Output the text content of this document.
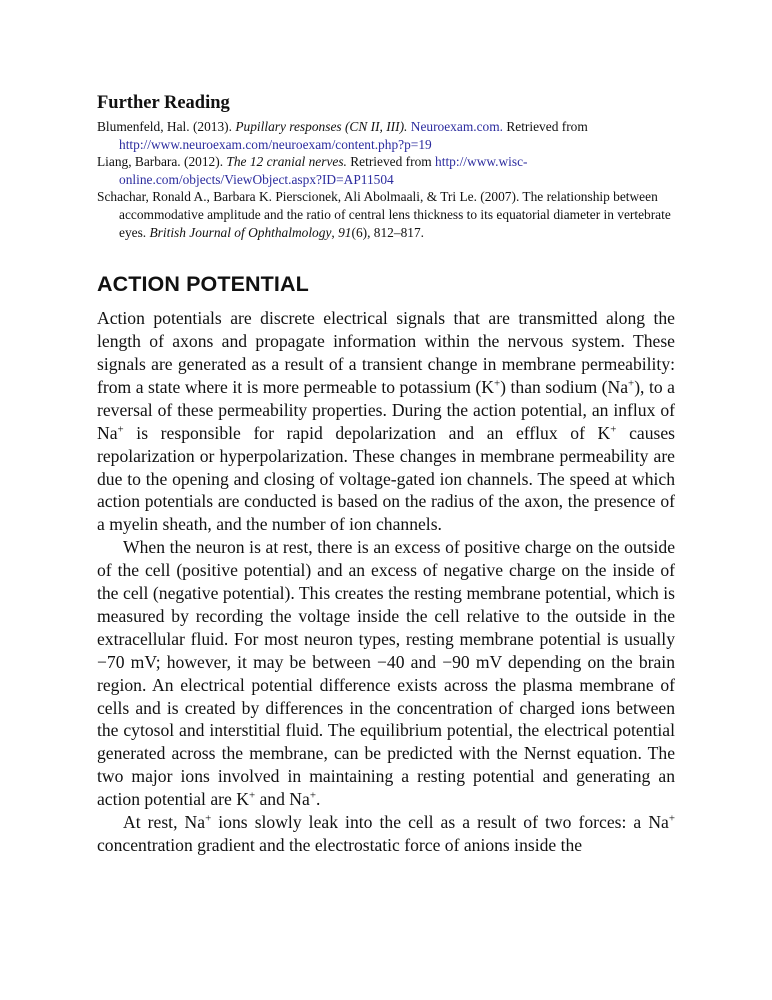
Further Reading

Blumenfeld, Hal. (2013). Pupillary responses (CN II, III). Neuroexam.com. Retrieved from http://www.neuroexam.com/neuroexam/content.php?p=19

Liang, Barbara. (2012). The 12 cranial nerves. Retrieved from http://www.wisc-
online.com/objects/ViewObject.aspx?ID=AP11504

Schachar, Ronald A., Barbara K. Pierscionek, Ali Abolmaali, & Tri Le. (2007). The relationship between accommodative amplitude and the ratio of central lens thickness to its equatorial diameter in vertebrate eyes. British Journal of Ophthalmology, 91(6), 812–817.

ACTION POTENTIAL

Action potentials are discrete electrical signals that are transmitted along the length of axons and propagate information within the nervous system. These signals are generated as a result of a transient change in membrane permeability: from a state where it is more permeable to potassium (K+) than sodium (Na+), to a reversal of these permeability properties. During the action potential, an influx of Na+ is responsible for rapid depolarization and an efflux of K+ causes repolarization or hyperpolarization. These changes in membrane permeability are due to the opening and closing of voltage-gated ion channels. The speed at which action potentials are conducted is based on the radius of the axon, the presence of a myelin sheath, and the number of ion channels.

When the neuron is at rest, there is an excess of positive charge on the outside of the cell (positive potential) and an excess of negative charge on the inside of the cell (negative potential). This creates the resting membrane potential, which is measured by recording the voltage inside the cell relative to the outside in the extracellular fluid. For most neuron types, resting membrane potential is usually −70 mV; however, it may be between −40 and −90 mV depending on the brain region. An electrical potential difference exists across the plasma membrane of cells and is created by differences in the concentration of charged ions between the cytosol and interstitial fluid. The equilibrium potential, the electrical potential generated across the membrane, can be predicted with the Nernst equation. The two major ions involved in maintaining a resting potential and generating an action potential are K+ and Na+.

At rest, Na+ ions slowly leak into the cell as a result of two forces: a Na+ concentration gradient and the electrostatic force of anions inside the
